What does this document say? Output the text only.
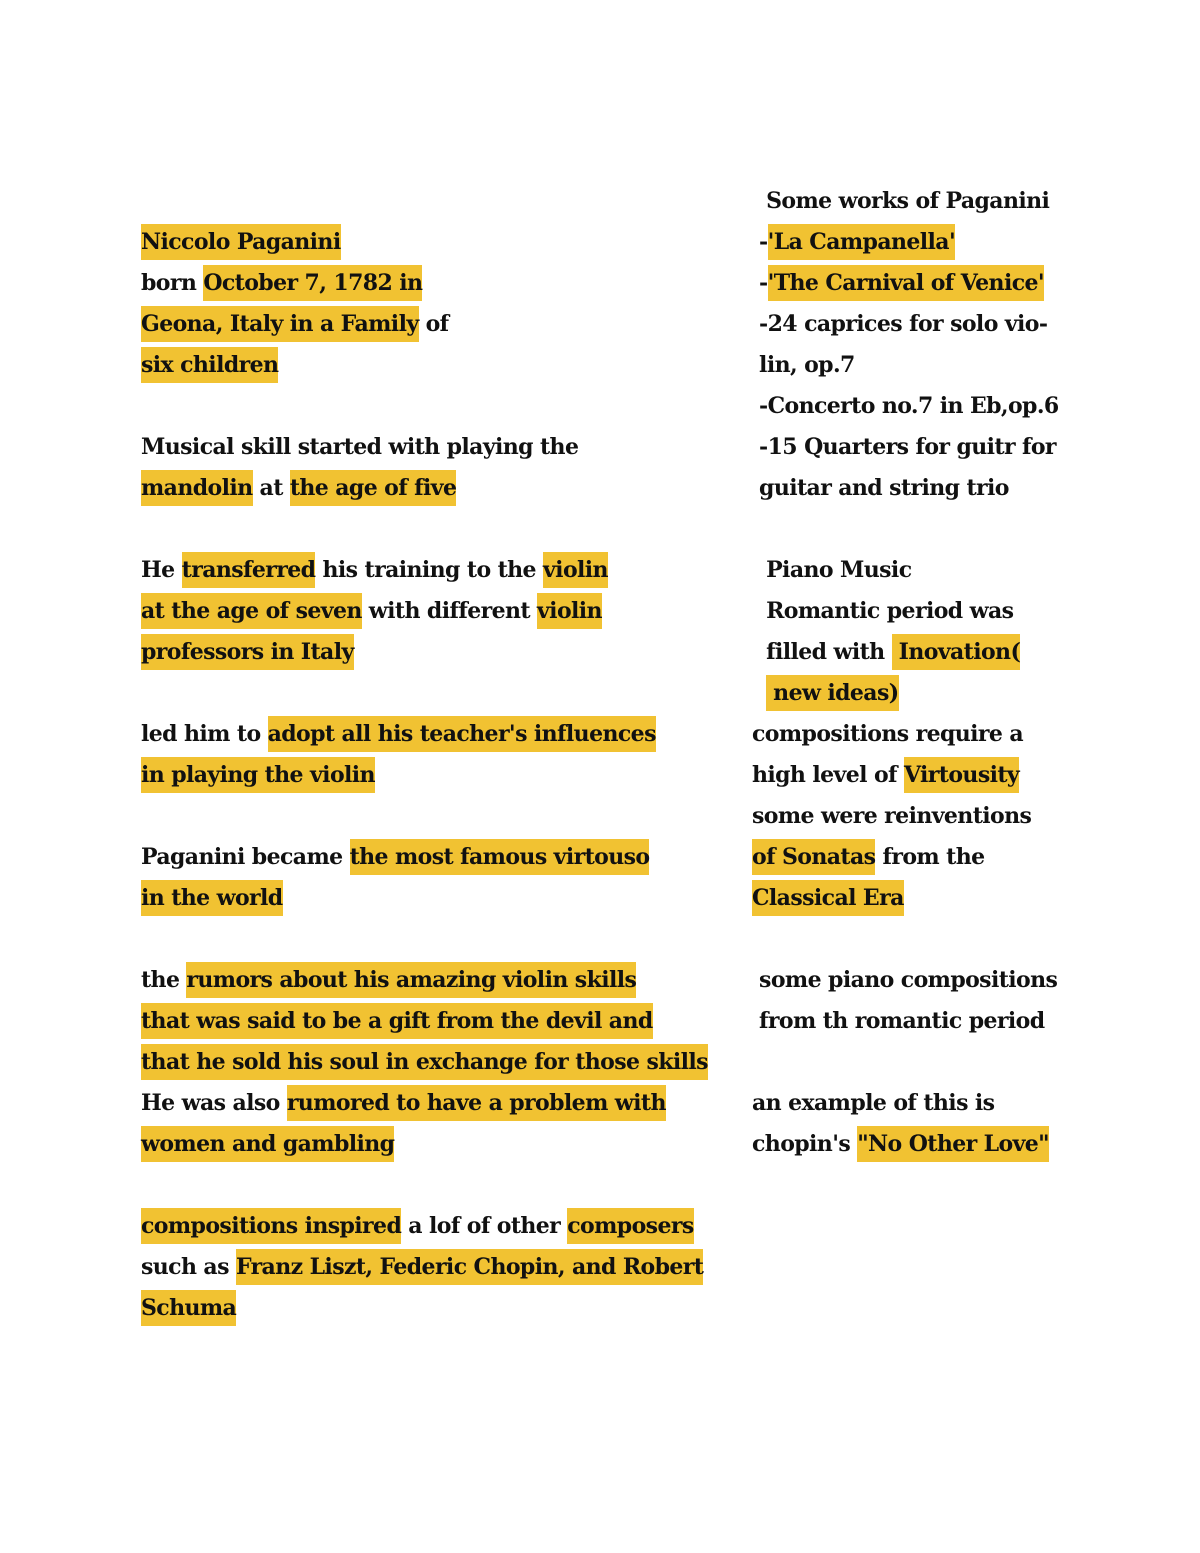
Niccolo Paganini
born October 7, 1782 in
Geona, Italy in a Family of
six children
Musical skill started with playing the
mandolin at the age of five
He transferred his training to the violin
at the age of seven with different violin
professors in Italy
led him to adopt all his teacher's influences
in playing the violin
Paganini became the most famous virtouso
in the world
the rumors about his amazing violin skills
that was said to be a gift from the devil and
that he sold his soul in exchange for those skills
He was also rumored to have a problem with
women and gambling
compositions inspired a lof of other composers
such as Franz Liszt, Federic Chopin, and Robert
Schuma
Some works of Paganini
-'La Campanella'
-'The Carnival of Venice'
-24 caprices for solo vio-
lin, op.7
-Concerto no.7 in Eb,op.6
-15 Quarters for guitr for
guitar and string trio
Piano Music
Romantic period was
filled with  Inovation(
new ideas)
compositions require a
high level of Virtousity
some were reinventions
of Sonatas from the
Classical Era
some piano compositions
from th romantic period
an example of this is
chopin's "No Other Love"
